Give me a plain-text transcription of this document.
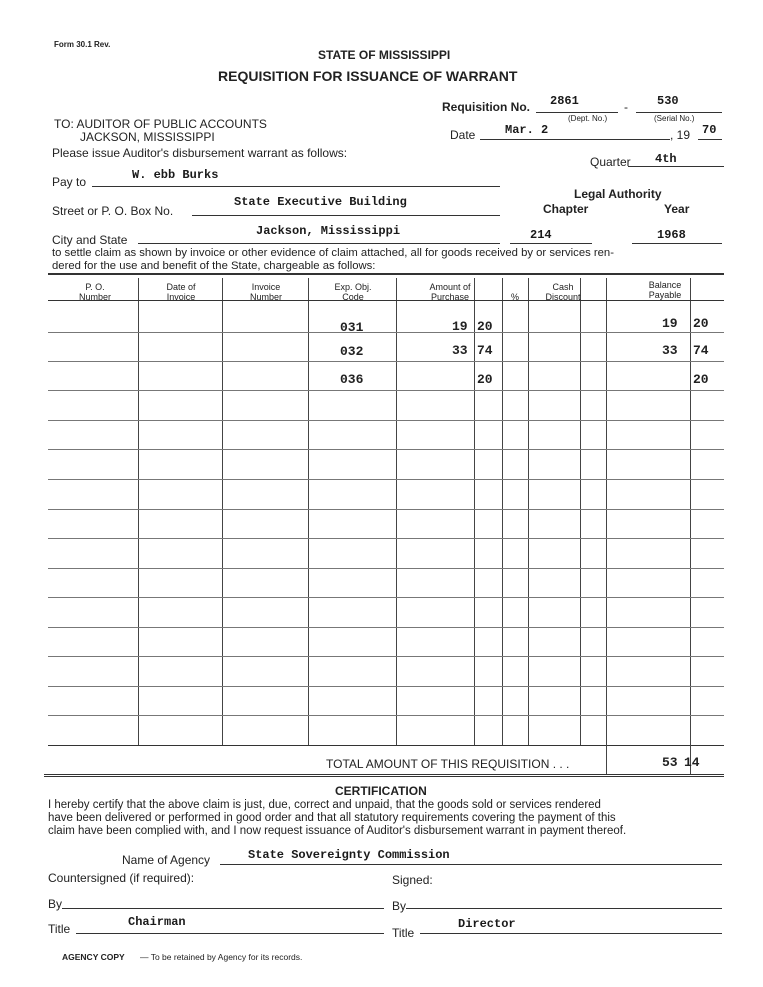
Form 30.1 Rev.
STATE OF MISSISSIPPI
REQUISITION FOR ISSUANCE OF WARRANT
Requisition No. 2861
(Dept. No.)
- 530
(Serial No.)
TO: AUDITOR OF PUBLIC ACCOUNTS
JACKSON, MISSISSIPPI	Date Mar. 2	, 19 70
Please issue Auditor's disbursement warrant as follows:
Quarter 4th
Pay to	W. ebb Burks
Legal Authority
Chapter	Year
Street or P. O. Box No.
State Executive Building
City and State
Jackson, Mississippi	214	1968
to settle claim as shown by invoice or other evidence of claim attached, all for goods received by or services ren-
dered for the use and benefit of the State, chargeable as follows:
P. O.
Number
Date of
Invoice
Invoice
Number
Exp. Obj.
Code
Amount of
Purchase	%
Cash
Discount
Balance
Payable
031	19 20	19 20
032	33 74	33 74
036	20	20
TOTAL AMOUNT OF THIS REQUISITION . . .	53 14
CERTIFICATION
I hereby certify that the above claim is just, due, correct and unpaid, that the goods sold or services rendered
have been delivered or performed in good order and that all statutory requirements covering the payment of this
claim have been complied with, and I now request issuance of Auditor's disbursement warrant in payment thereof.
Name of Agency	State Sovereignty Commission
Countersigned (if required):	Signed:
By	By
Title	Chairman
Title
Director
AGENCY COPY — To be retained by Agency for its records.
